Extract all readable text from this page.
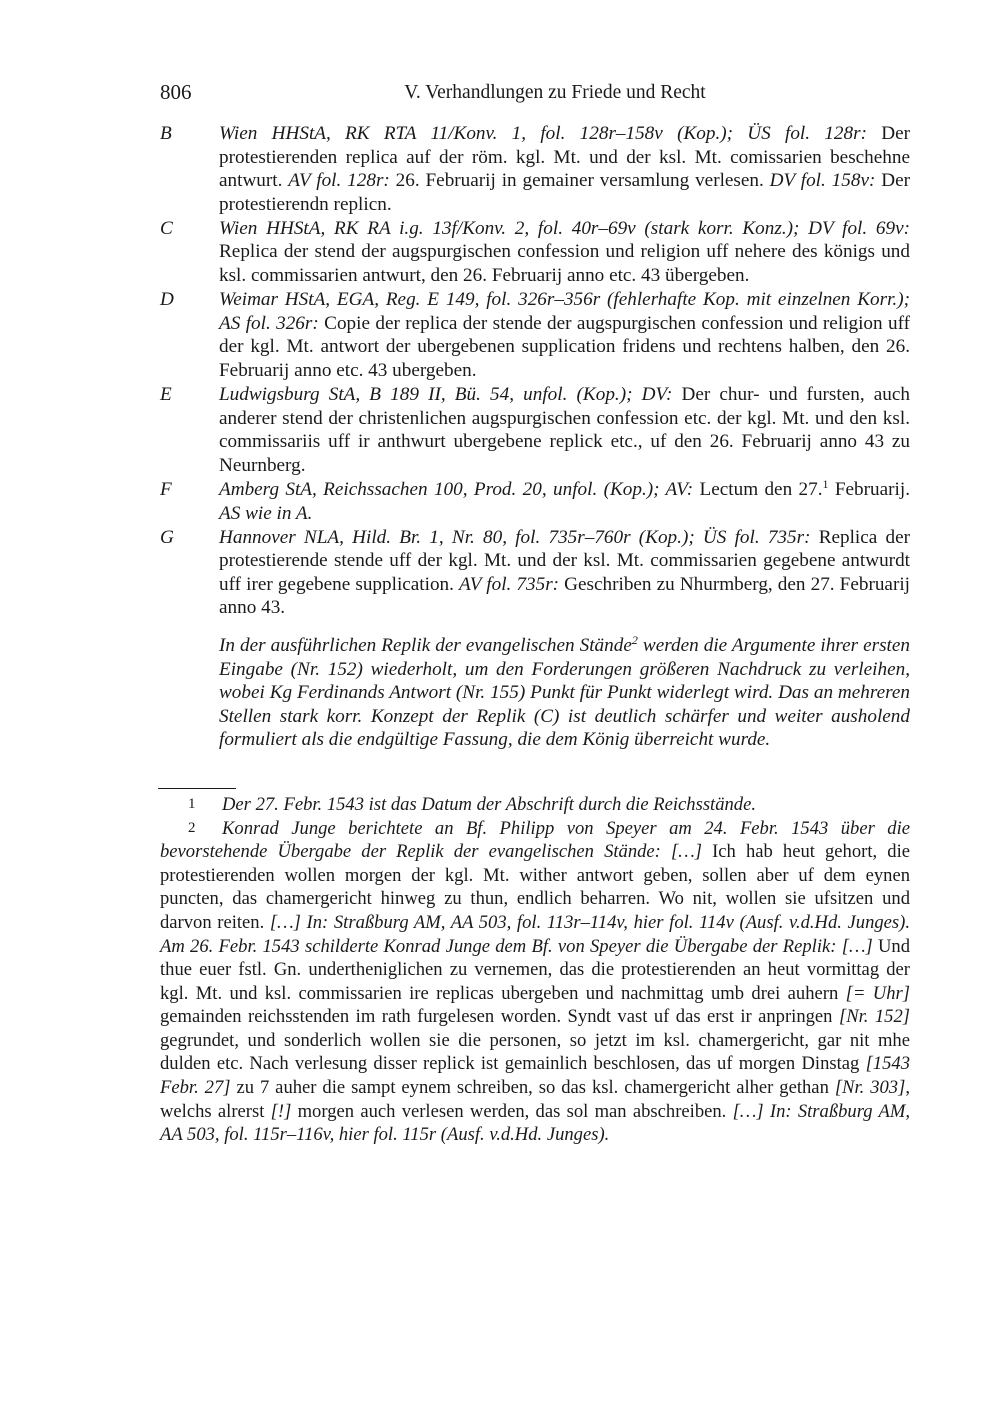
806	V. Verhandlungen zu Friede und Recht
B Wien HHStA, RK RTA 11/Konv. 1, fol. 128r–158v (Kop.); ÜS fol. 128r: Der protestierenden replica auf der röm. kgl. Mt. und der ksl. Mt. comissarien beschehne antwurt. AV fol. 128r: 26. Februarij in gemainer versamlung verlesen. DV fol. 158v: Der protestierendn replicn.
C Wien HHStA, RK RA i.g. 13f/Konv. 2, fol. 40r–69v (stark korr. Konz.); DV fol. 69v: Replica der stend der augspurgischen confession und religion uff nehere des königs und ksl. commissarien antwurt, den 26. Februarij anno etc. 43 übergeben.
D Weimar HStA, EGA, Reg. E 149, fol. 326r–356r (fehlerhafte Kop. mit einzelnen Korr.); AS fol. 326r: Copie der replica der stende der augspurgischen confession und religion uff der kgl. Mt. antwort der ubergebenen supplication fridens und rechtens halben, den 26. Februarij anno etc. 43 ubergeben.
E Ludwigsburg StA, B 189 II, Bü. 54, unfol. (Kop.); DV: Der chur- und fursten, auch anderer stend der christenlichen augspurgischen confession etc. der kgl. Mt. und den ksl. commissariis uff ir anthwurt ubergebene replick etc., uf den 26. Februarij anno 43 zu Neurnberg.
F Amberg StA, Reichssachen 100, Prod. 20, unfol. (Kop.); AV: Lectum den 27.$^1$ Februarij. AS wie in A.
G Hannover NLA, Hild. Br. 1, Nr. 80, fol. 735r–760r (Kop.); ÜS fol. 735r: Replica der protestierende stende uff der kgl. Mt. und der ksl. Mt. commissarien gegebene antwurdt uff irer gegebene supplication. AV fol. 735r: Geschriben zu Nhurmberg, den 27. Februarij anno 43.
In der ausführlichen Replik der evangelischen Stände$^2$ werden die Argumente ihrer ersten Eingabe (Nr. 152) wiederholt, um den Forderungen größeren Nachdruck zu verleihen, wobei Kg Ferdinands Antwort (Nr. 155) Punkt für Punkt widerlegt wird. Das an mehreren Stellen stark korr. Konzept der Replik (C) ist deutlich schärfer und weiter ausholend formuliert als die endgültige Fassung, die dem König überreicht wurde.
1 Der 27. Febr. 1543 ist das Datum der Abschrift durch die Reichsstände.
2 Konrad Junge berichtete an Bf. Philipp von Speyer am 24. Febr. 1543 über die bevorstehende Übergabe der Replik der evangelischen Stände: […] Ich hab heut gehort, die protestierenden wollen morgen der kgl. Mt. wither antwort geben, sollen aber uf dem eynen puncten, das chamergericht hinweg zu thun, endlich beharren. Wo nit, wollen sie ufsitzen und darvon reiten. […] In: Straßburg AM, AA 503, fol. 113r–114v, hier fol. 114v (Ausf. v.d.Hd. Junges). Am 26. Febr. 1543 schilderte Konrad Junge dem Bf. von Speyer die Übergabe der Replik: […] Und thue euer fstl. Gn. undertheniglichen zu vernemen, das die protestierenden an heut vormittag der kgl. Mt. und ksl. commissarien ire replicas ubergeben und nachmittag umb drei auhern [= Uhr] gemainden reichsstenden im rath furgelesen worden. Syndt vast uf das erst ir anpringen [Nr. 152] gegrundet, und sonderlich wollen sie die personen, so jetzt im ksl. chamergericht, gar nit mhe dulden etc. Nach verlesung disser replick ist gemainlich beschlosen, das uf morgen Dinstag [1543 Febr. 27] zu 7 auher die sampt eynem schreiben, so das ksl. chamergericht alher gethan [Nr. 303], welchs alrerst [!] morgen auch verlesen werden, das sol man abschreiben. […] In: Straßburg AM, AA 503, fol. 115r–116v, hier fol. 115r (Ausf. v.d.Hd. Junges).
